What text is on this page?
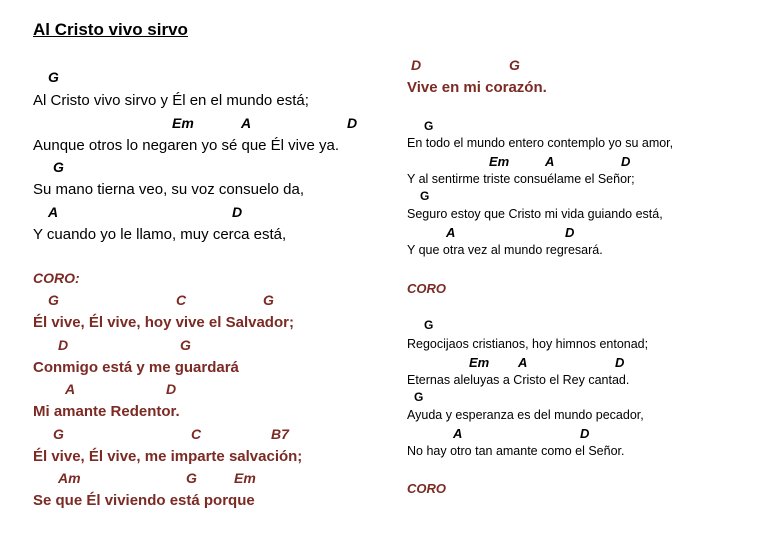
Al Cristo vivo sirvo
G
Al Cristo vivo sirvo y Él en el mundo está;
Em	A	D
Aunque otros lo negaren yo sé que Él vive ya.
G
Su mano tierna veo, su voz consuelo da,
A	D
Y cuando yo le llamo, muy cerca está,
CORO:
G	C	G
Él vive, Él vive, hoy vive el Salvador;
D	G
Conmigo está y me guardará
A	D
Mi amante Redentor.
G	C	B7
Él vive, Él vive, me imparte salvación;
Am	G	Em
Se que Él viviendo está porque
D	G
Vive en mi corazón.
G
En todo el mundo entero contemplo yo su amor,
Em	A	D
Y al sentirme triste consuélame el Señor;
G
Seguro estoy que Cristo mi vida guiando está,
A	D
Y que otra vez al mundo regresará.
CORO
G
Regocijaos cristianos, hoy himnos entonad;
Em A	D
Eternas aleluyas a Cristo el Rey cantad.
G
Ayuda y esperanza es del mundo pecador,
A	D
No hay otro tan amante como el Señor.
CORO
